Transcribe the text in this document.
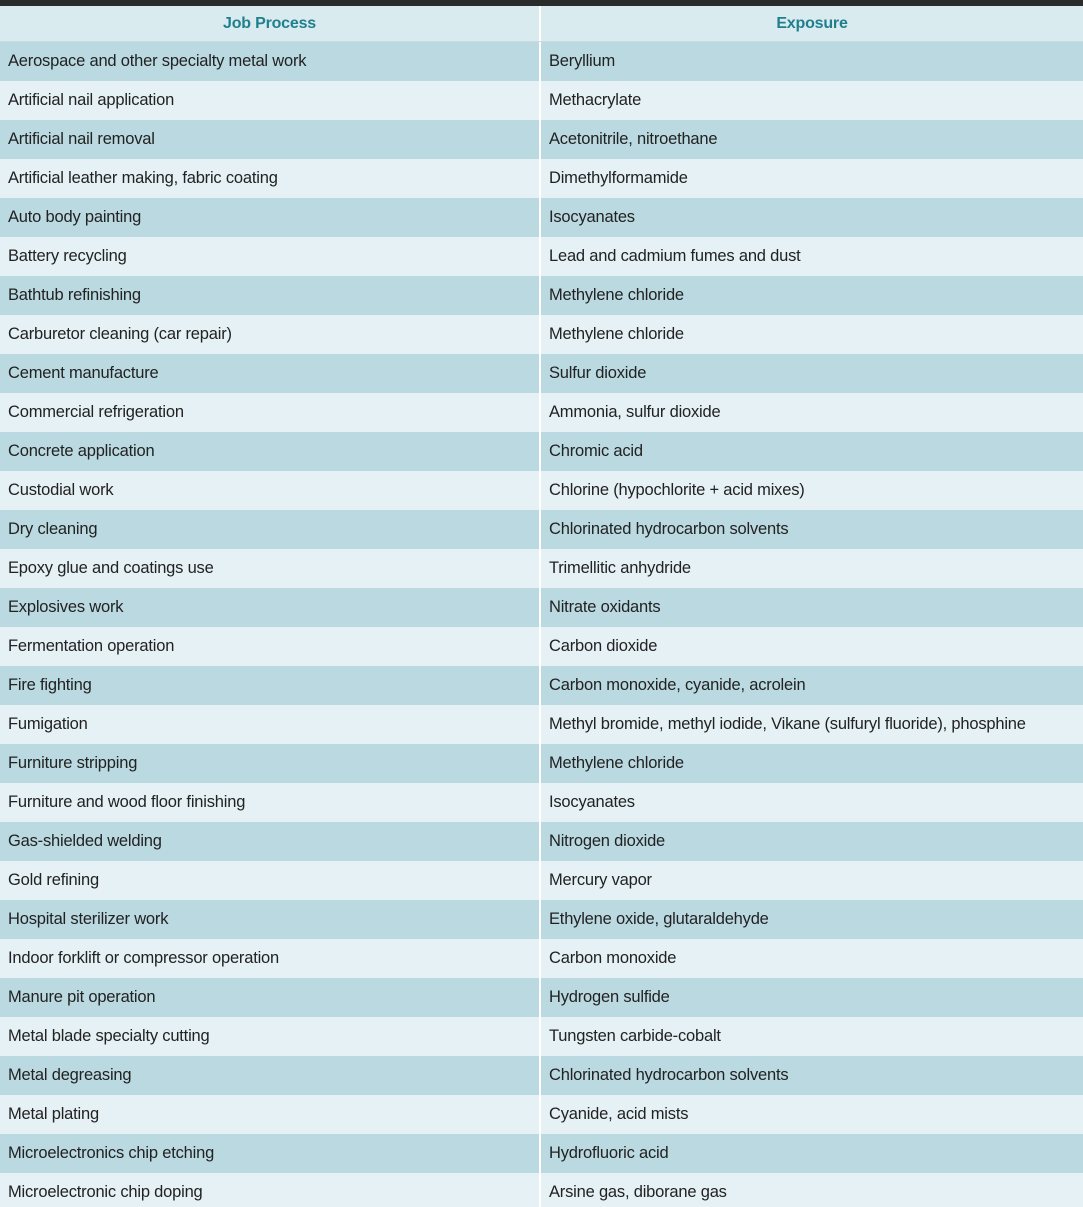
Job Process	Exposure
Aerospace and other specialty metal work	Beryllium
Artificial nail application	Methacrylate
Artificial nail removal	Acetonitrile, nitroethane
Artificial leather making, fabric coating	Dimethylformamide
Auto body painting	Isocyanates
Battery recycling	Lead and cadmium fumes and dust
Bathtub refinishing	Methylene chloride
Carburetor cleaning (car repair)	Methylene chloride
Cement manufacture	Sulfur dioxide
Commercial refrigeration	Ammonia, sulfur dioxide
Concrete application	Chromic acid
Custodial work	Chlorine (hypochlorite + acid mixes)
Dry cleaning	Chlorinated hydrocarbon solvents
Epoxy glue and coatings use	Trimellitic anhydride
Explosives work	Nitrate oxidants
Fermentation operation	Carbon dioxide
Fire fighting	Carbon monoxide, cyanide, acrolein
Fumigation	Methyl bromide, methyl iodide, Vikane (sulfuryl fluoride), phosphine
Furniture stripping	Methylene chloride
Furniture and wood floor finishing	Isocyanates
Gas-shielded welding	Nitrogen dioxide
Gold refining	Mercury vapor
Hospital sterilizer work	Ethylene oxide, glutaraldehyde
Indoor forklift or compressor operation	Carbon monoxide
Manure pit operation	Hydrogen sulfide
Metal blade specialty cutting	Tungsten carbide-cobalt
Metal degreasing	Chlorinated hydrocarbon solvents
Metal plating	Cyanide, acid mists
Microelectronics chip etching	Hydrofluoric acid
Microelectronic chip doping	Arsine gas, diborane gas
